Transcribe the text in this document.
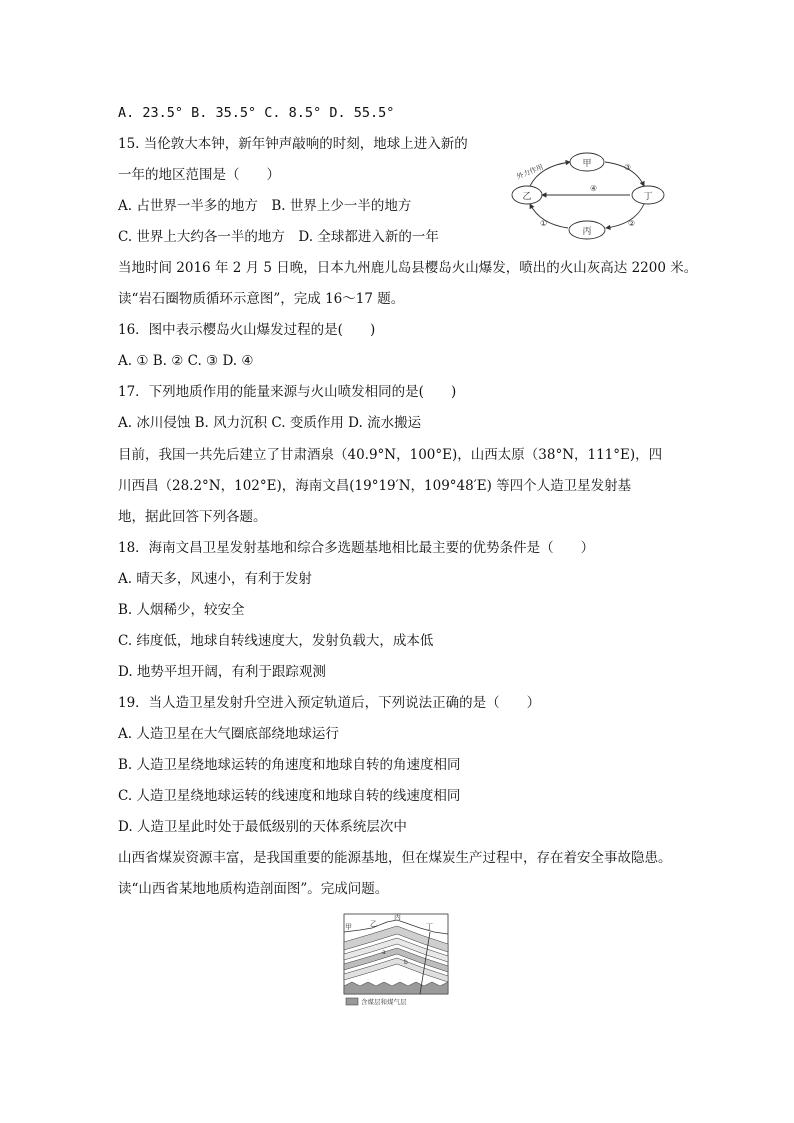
A. 23.5° B. 35.5° C. 8.5° D. 55.5°
15. 当伦敦大本钟，新年钟声敲响的时刻，地球上进入新的
一年的地区范围是（　　）
A. 占世界一半多的地方　B. 世界上少一半的地方
C. 世界上大约各一半的地方　D. 全球都进入新的一年
甲
乙	丁
丙
外力作用	③
④
①	②
当地时间 2016 年 2 月 5 日晚，日本九州鹿儿岛县樱岛火山爆发，喷出的火山灰高达 2200 米。
读“岩石圈物质循环示意图”，完成 16～17 题。
16．图中表示樱岛火山爆发过程的是(　　)
A. ① B. ② C. ③ D. ④
17．下列地质作用的能量来源与火山喷发相同的是(　　)
A. 冰川侵蚀 B. 风力沉积 C. 变质作用 D. 流水搬运
目前，我国一共先后建立了甘肃酒泉（40.9°N，100°E)，山西太原（38°N，111°E)，四
川西昌（28.2°N，102°E)，海南文昌(19°19′N，109°48′E) 等四个人造卫星发射基
地，据此回答下列各题。
18．海南文昌卫星发射基地和综合多选题基地相比最主要的优势条件是（　　）
A. 晴天多，风速小，有利于发射
B. 人烟稀少，较安全
C. 纬度低，地球自转线速度大，发射负载大，成本低
D. 地势平坦开阔，有利于跟踪观测
19．当人造卫星发射升空进入预定轨道后，下列说法正确的是（　　）
A. 人造卫星在大气圈底部绕地球运行
B. 人造卫星绕地球运转的角速度和地球自转的角速度相同
C. 人造卫星绕地球运转的线速度和地球自转的线速度相同
D. 人造卫星此时处于最低级别的天体系统层次中
山西省煤炭资源丰富，是我国重要的能源基地，但在煤炭生产过程中，存在着安全事故隐患。
读“山西省某地地质构造剖面图”。完成问题。
甲	乙
丙
丁
a
b
含煤层和煤气层
